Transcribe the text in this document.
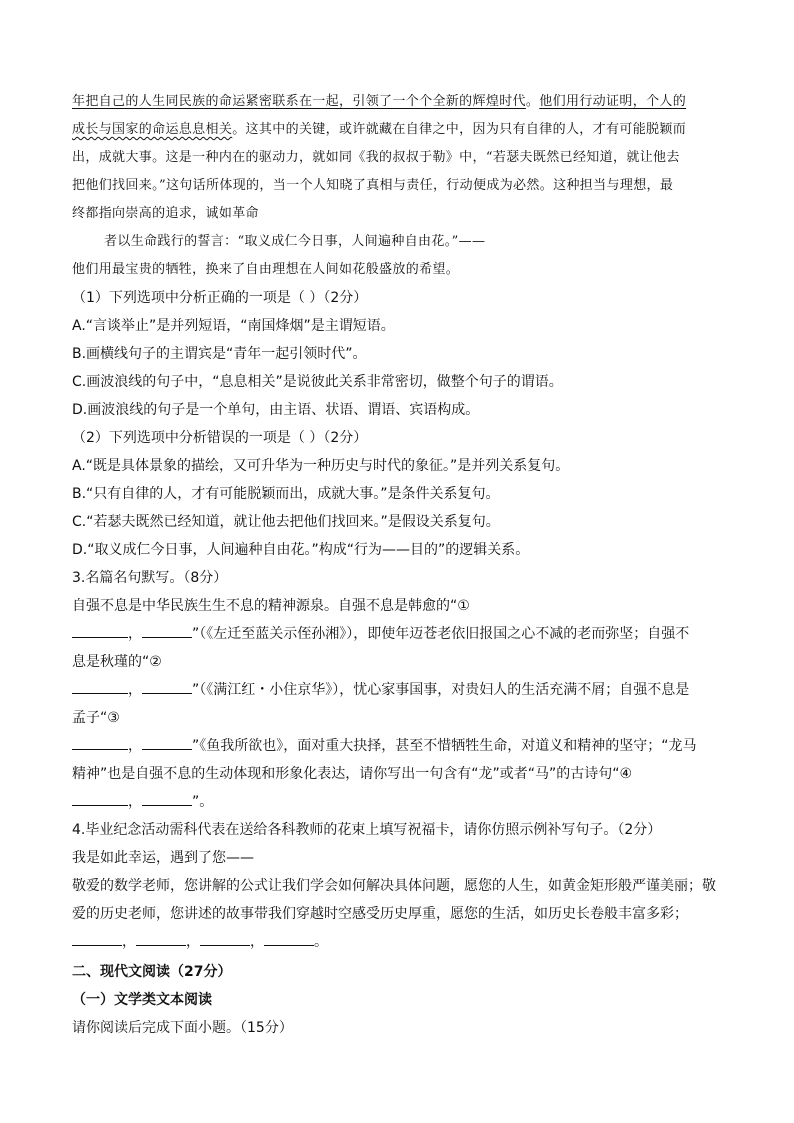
年把自己的人生同民族的命运紧密联系在一起，引领了一个个全新的辉煌时代。他们用行动证明，个人的

成长与国家的命运息息相关。这其中的关键，或许就藏在自律之中，因为只有自律的人，才有可能脱颖而

出，成就大事。这是一种内在的驱动力，就如同《我的叔叔于勒》中，“若瑟夫既然已经知道，就让他去

把他们找回来。”这句话所体现的，当一个人知晓了真相与责任，行动便成为必然。这种担当与理想，最

终都指向崇高的追求，诚如革命

者以生命践行的誓言：“取义成仁今日事，人间遍种自由花。”——

他们用最宝贵的牺牲，换来了自由理想在人间如花般盛放的希望。

（1）下列选项中分析正确的一项是（ ）（2分）

A.“言谈举止”是并列短语，“南国烽烟”是主谓短语。

B.画横线句子的主谓宾是“青年一起引领时代”。

C.画波浪线的句子中，“息息相关”是说彼此关系非常密切，做整个句子的谓语。

D.画波浪线的句子是一个单句，由主语、状语、谓语、宾语构成。

（2）下列选项中分析错误的一项是（ ）（2分）

A.“既是具体景象的描绘，又可升华为一种历史与时代的象征。”是并列关系复句。

B.“只有自律的人，才有可能脱颖而出，成就大事。”是条件关系复句。

C.“若瑟夫既然已经知道，就让他去把他们找回来。”是假设关系复句。

D.“取义成仁今日事，人间遍种自由花。”构成“行为——目的”的逻辑关系。

3.名篇名句默写。（8分）

自强不息是中华民族生生不息的精神源泉。自强不息是韩愈的“①

，	”（《左迁至蓝关示侄孙湘》），即使年迈苍老依旧报国之心不减的老而弥坚；自强不

息是秋瑾的“②

，	”（《满江红・小住京华》），忧心家事国事，对贵妇人的生活充满不屑；自强不息是

孟子“③

，	”《鱼我所欲也》，面对重大抉择，甚至不惜牺牲生命，对道义和精神的坚守；“龙马

精神”也是自强不息的生动体现和形象化表达，请你写出一句含有“龙”或者“马”的古诗句“④

，	”。

4.毕业纪念活动需科代表在送给各科教师的花束上填写祝福卡，请你仿照示例补写句子。（2分）

我是如此幸运，遇到了您——

敬爱的数学老师，您讲解的公式让我们学会如何解决具体问题，愿您的人生，如黄金矩形般严谨美丽；敬

爱的历史老师，您讲述的故事带我们穿越时空感受历史厚重，愿您的生活，如历史长卷般丰富多彩；

，	，	，	。

二、现代文阅读（27分）

（一）文学类文本阅读

请你阅读后完成下面小题。（15分）
